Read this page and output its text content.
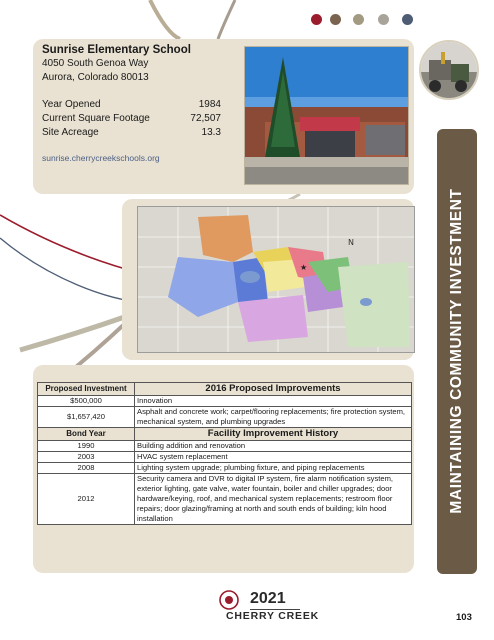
Sunrise Elementary School
4050 South Genoa Way
Aurora, Colorado 80013
Year Opened	1984
Current Square Footage	72,507
Site Acreage	13.3
sunrise.cherrycreekschools.org
★
N	MAINTAINING COMMUNITY INVESTMENT
Proposed Investment	2016 Proposed Improvements
$500,000	Innovation
$1,657,420	Asphalt and concrete work; carpet/flooring replacements; fire protection system, mechanical system, and plumbing upgrades
Bond Year	Facility Improvement History
1990	Building addition and renovation
2003	HVAC system replacement
2008	Lighting system upgrade; plumbing fixture, and piping replacements
2012	Security camera and DVR to digital IP system, fire alarm notification system, exterior lighting, gate valve, water fountain, boiler and chiller upgrades; door hardware/keying, roof, and mechanical system replacements; restroom floor repairs; door glazing/framing at north and south ends of building; kiln hood installation
2021
CHERRY CREEK	103
